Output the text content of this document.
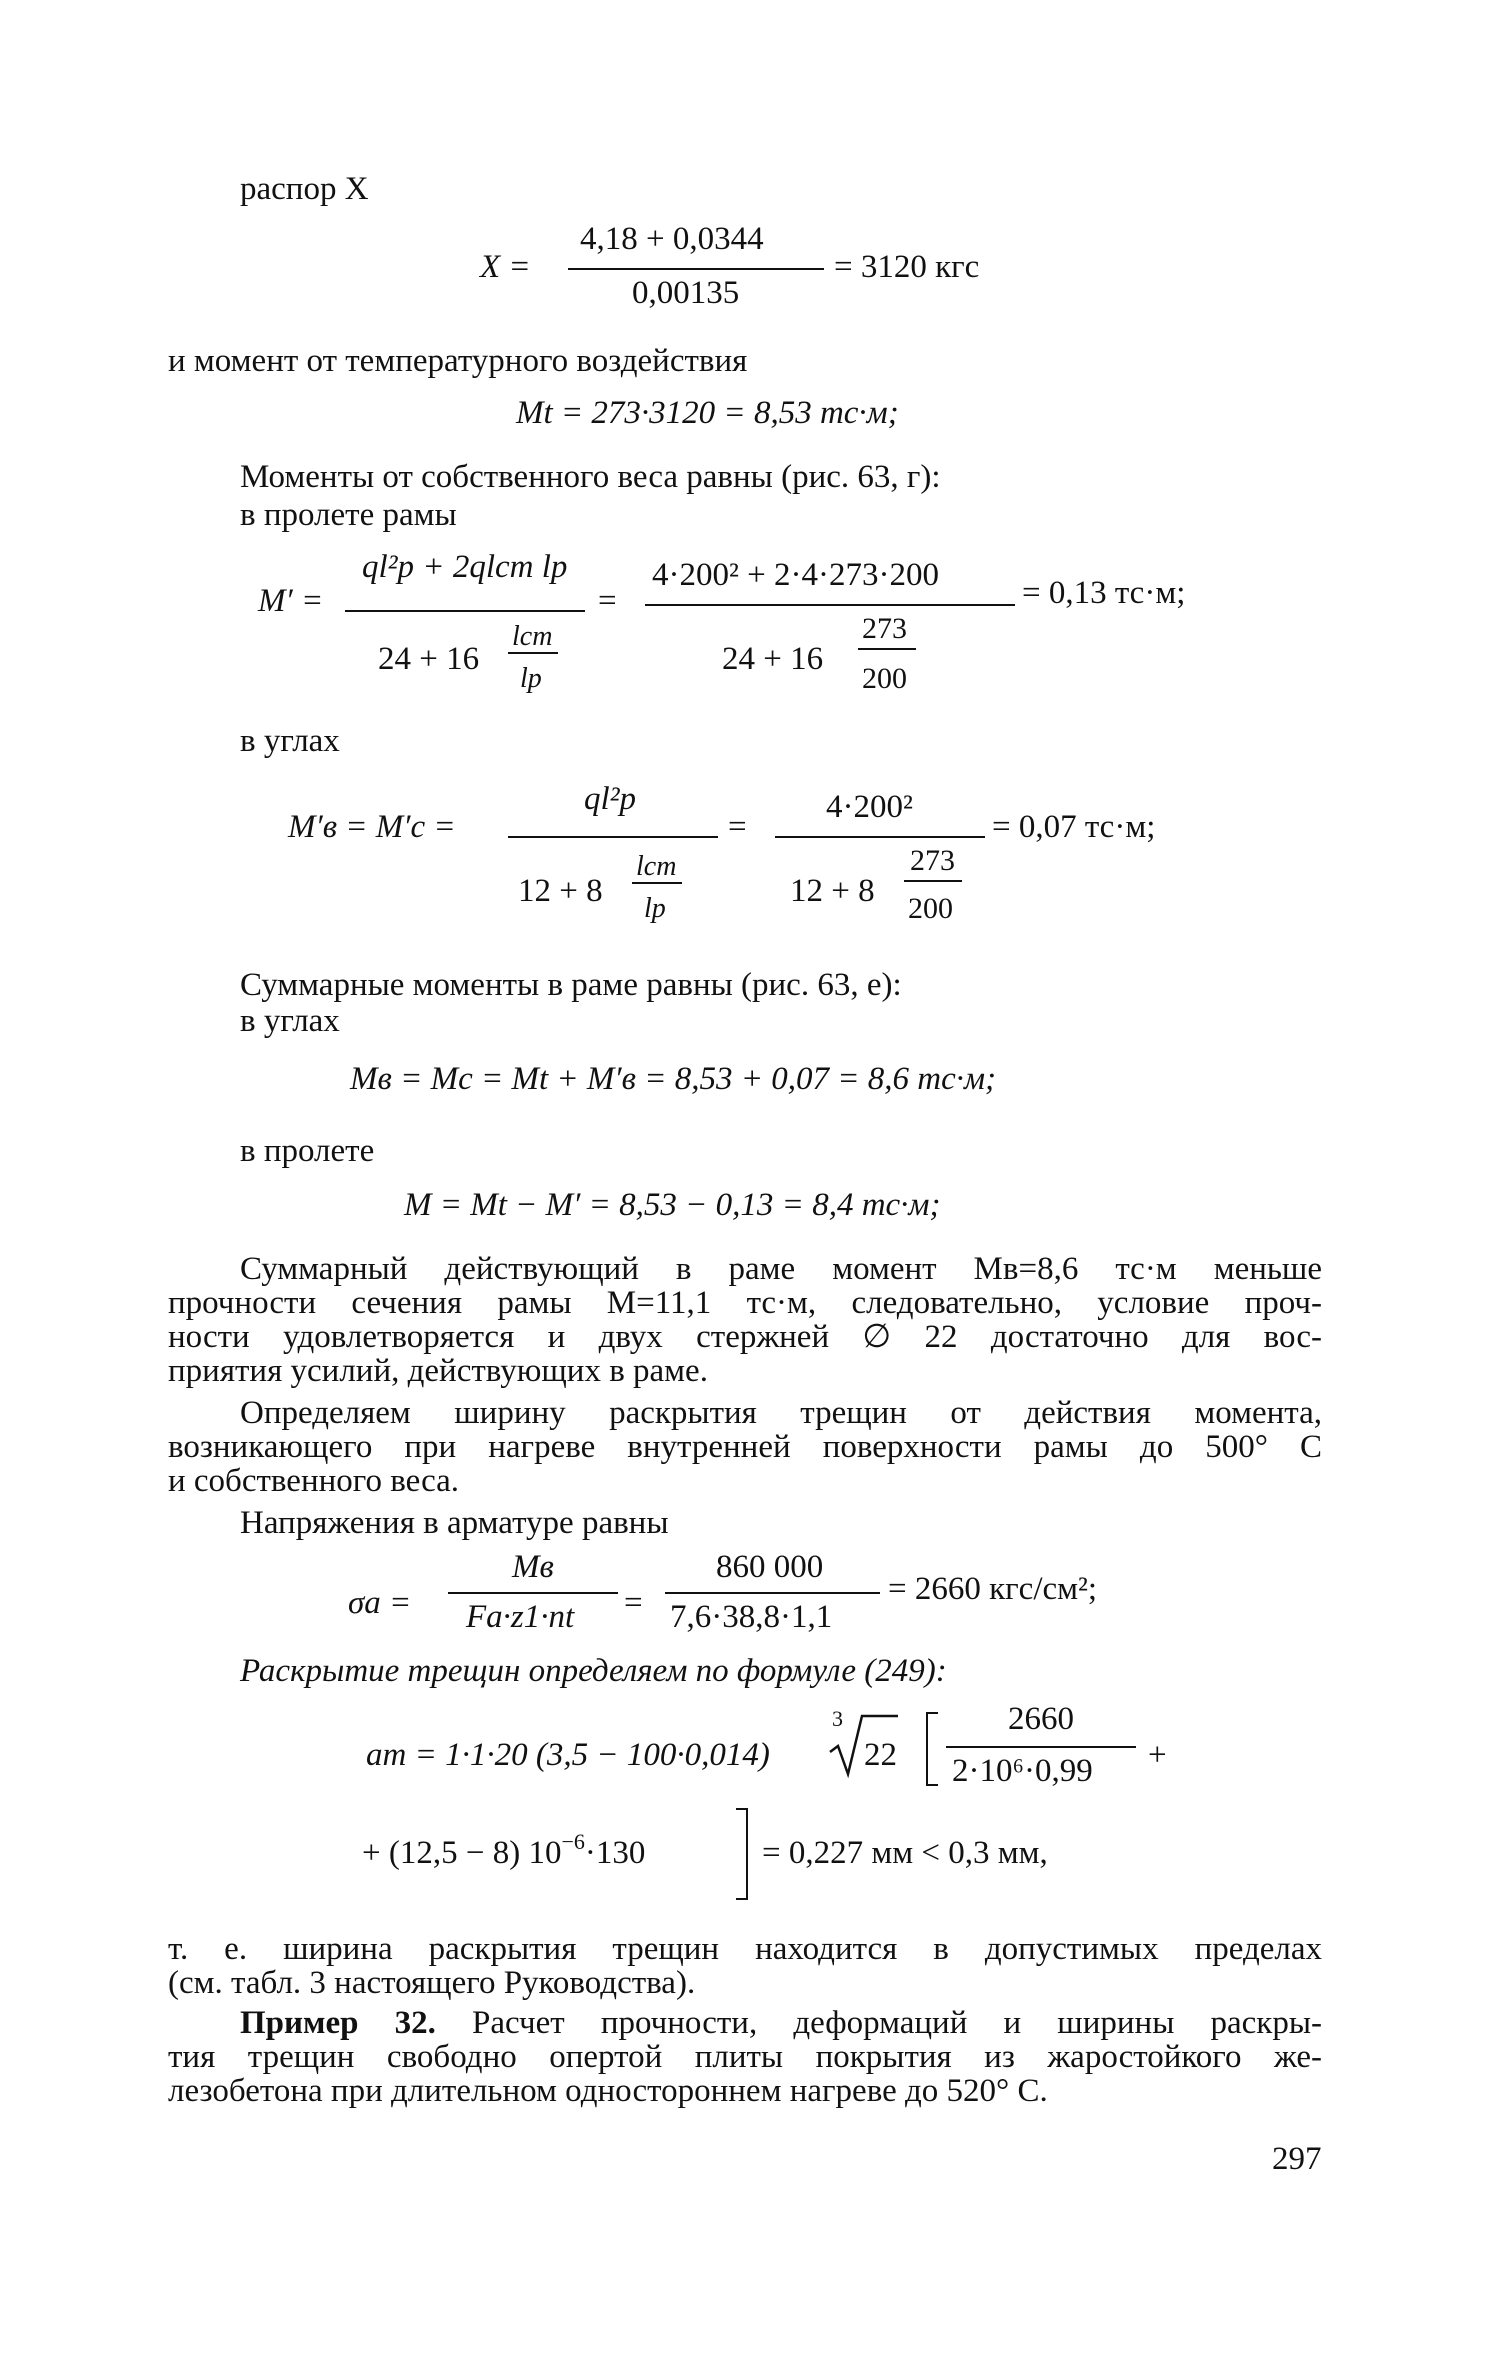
распор X
X =
4,18 + 0,0344
0,00135
= 3120 кгс
и момент от температурного воздействия
Mt = 273·3120 = 8,53 тс·м;
Моменты от собственного веса равны (рис. 63, г):
в пролете рамы
M′ =
ql²р + 2qlст lр
24 + 16
lст
lр
=
4·200² + 2·4·273·200
24 + 16
273
200
= 0,13 тс·м;
в углах
M′в = M′с =
ql²р
12 + 8
lст
lр
=
4·200²
12 + 8
273
200
= 0,07 тс·м;
Суммарные моменты в раме равны (рис. 63, е):
в углах
Mв = Mс = Mt + M′в = 8,53 + 0,07 = 8,6 тс·м;
в пролете
M = Mt − M′ = 8,53 − 0,13 = 8,4 тс·м;
Суммарный действующий в раме момент Mв=8,6 тс·м меньше
прочности сечения рамы M=11,1 тс·м, следовательно, условие проч-
ности удовлетворяется и двух стержней ∅ 22 достаточно для вос-
приятия усилий, действующих в раме.
Определяем ширину раскрытия трещин от действия момента,
возникающего при нагреве внутренней поверхности рамы до 500° С
и собственного веса.
Напряжения в арматуре равны
σа =
Mв
Fа·z1·nt =
860 000
7,6·38,8·1,1
= 2660 кгс/см²;
Раскрытие трещин определяем по формуле (249):
aт = 1·1·20 (3,5 − 100·0,014)
3
22
2660
2·10⁶·0,99 +
+ (12,5 − 8) $10^{-6}\cdot 130$	= 0,227 мм < 0,3 мм,
т. е. ширина раскрытия трещин находится в допустимых пределах
(см. табл. 3 настоящего Руководства).
Пример 32. Расчет прочности, деформаций и ширины раскры-
тия трещин свободно опертой плиты покрытия из жаростойкого же-
лезобетона при длительном одностороннем нагреве до 520° С.
297
